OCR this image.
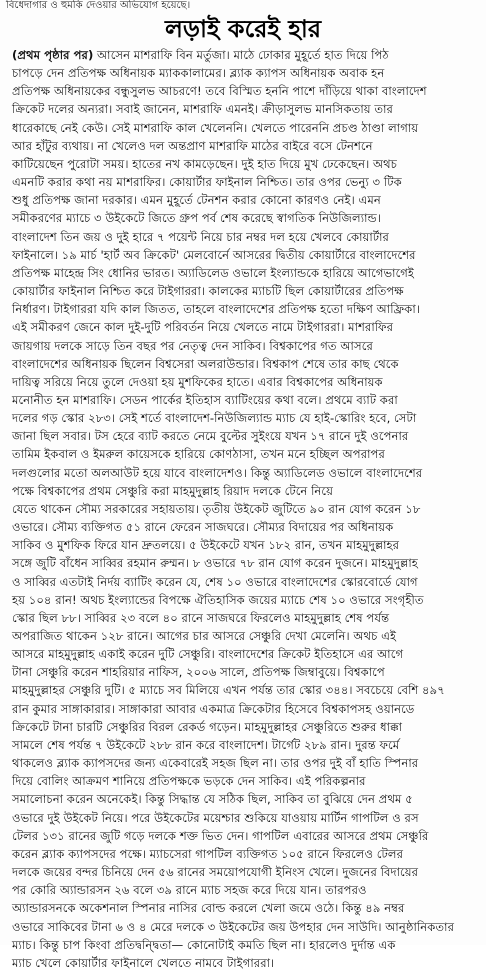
বিধেদাগার ও হুমকি দেওয়ার অভিযোগ হয়েছে।
লড়াই করেই হার
(প্রথম পৃষ্ঠার পর) আসেন মাশরাফি বিন মর্তুজা। মাঠে ঢোকার মুহূর্তে হাত দিয়ে পিঠ
চাপড়ে দেন প্রতিপক্ষ অধিনায়ক ম্যাককালামের। ব্ল্যাক ক্যাপস অধিনায়ক অবাক হন
প্রতিপক্ষ অধিনায়কের বন্ধুসুলভ আচরণে! তবে বিস্মিত হননি পাশে দাঁড়িয়ে থাকা বাংলাদেশ
ক্রিকেট দলের অন্যরা। সবাই জানেন, মাশরাফি এমনই। ক্রীড়াসুলভ মানসিকতায় তার
ধারেকাছে নেই কেউ। সেই মাশরাফি কাল খেলেননি। খেলতে পারেননি প্রচণ্ড ঠাণ্ডা লাগায়
আর হাঁটুর ব্যথায়। না খেলেও দল অন্তপ্রাণ মাশরাফি মাঠের বাইরে বসে টেনশনে
কাটিয়েছেন পুরোটা সময়। হাতের নখ কামড়েছেন। দুই হাত দিয়ে মুখ ঢেকেছেন। অথচ
এমনটি করার কথা নয় মাশরাফির। কোয়ার্টার ফাইনাল নিশ্চিত। তার ওপর ভেন্যু ৩ টিক
শুধু প্রতিপক্ষ জানা দরকার। এমন মুহূর্তে টেনশন করার কোনো কারণও নেই। এমন
সমীকরণের ম্যাচে ৩ উইকেটে জিতে গ্রুপ পর্ব শেষ করেছে স্বাগতিক নিউজিল্যান্ড।
বাংলাদেশ তিন জয় ও দুই হারে ৭ পয়েন্ট নিয়ে চার নম্বর দল হয়ে খেলবে কোয়ার্টার
ফাইনালে। ১৯ মার্চ 'হার্ট অব ক্রিকেট' মেলবোর্নে আসরের দ্বিতীয় কোয়ার্টারে বাংলাদেশের
প্রতিপক্ষ মাহেন্দ্র সিং ধোনির ভারত। অ্যাডিলেড ওভালে ইংল্যান্ডকে হারিয়ে আগেভাগেই
কোয়ার্টার ফাইনাল নিশ্চিত করে টাইগাররা। কালকের ম্যাচটি ছিল কোয়ার্টারের প্রতিপক্ষ
নির্ধারণ। টাইগাররা যদি কাল জিতত, তাহলে বাংলাদেশের প্রতিপক্ষ হতো দক্ষিণ আফ্রিকা।
এই সমীকরণ জেনে কাল দুই-দুটি পরিবর্তন নিয়ে খেলতে নামে টাইগাররা। মাশরাফির
জায়গায় দলকে সাড়ে তিন বছর পর নেতৃত্ব দেন সাকিব। বিশ্বকাপের গত আসরে
বাংলাদেশের অধিনায়ক ছিলেন বিশ্বসেরা অলরাউন্ডার। বিশ্বকাপ শেষে তার কাছ থেকে
দায়িত্ব সরিয়ে নিয়ে তুলে দেওয়া হয় মুশফিকের হাতে। এবার বিশ্বকাপের অধিনায়ক
মনোনীত হন মাশরাফি। সেডন পার্কের ইতিহাস ব্যাটিংয়ের কথা বলে। প্রথমে ব্যাট করা
দলের গড় স্কোর ২৮৩। সেই শর্তে বাংলাদেশ-নিউজিল্যান্ড ম্যাচ যে হাই-স্কোরিং হবে, সেটা
জানা ছিল সবার। টস হেরে ব্যাট করতে নেমে বুল্টের সুইংয়ে যখন ১৭ রানে দুই ওপেনার
তামিম ইকবাল ও ইমরুল কায়েসকে হারিয়ে কোণঠাসা, তখন মনে হচ্ছিল অপরাপর
দলগুলোর মতো অলআউট হয়ে যাবে বাংলাদেশও। কিন্তু অ্যাডিলেড ওভালে বাংলাদেশের
পক্ষে বিশ্বকাপের প্রথম সেঞ্চুরি করা মাহমুদুল্লাহ রিয়াদ দলকে টেনে নিয়ে
যেতে থাকেন সৌম্য সরকারের সহায়তায়। তৃতীয় উইকেট জুটিতে ৯০ রান যোগ করেন ১৮
ওভারে। সৌম্য ব্যক্তিগত ৫১ রানে ফেরেন সাজঘরে। সৌম্যর বিদায়ের পর অধিনায়ক
সাকিব ও মুশফিক ফিরে যান দ্রুতলয়ে। ৫ উইকেটে যখন ১৮২ রান, তখন মাহমুদুল্লাহর
সঙ্গে জুটি বাঁধেন সাব্বির রহমান রুম্মন। ৮ ওভারে ৭৮ রান যোগ করেন দুজনে। মাহমুদুল্লাহ
ও সাব্বির এতটাই নির্দয় ব্যাটিং করেন যে, শেষ ১০ ওভারে বাংলাদেশের স্কোরবোর্ডে যোগ
হয় ১০৪ রান! অথচ ইংল্যান্ডের বিপক্ষে ঐতিহাসিক জয়ের ম্যাচে শেষ ১০ ওভারে সংগৃহীত
স্কোর ছিল ৮৮। সাব্বির ২৩ বলে ৪০ রানে সাজঘরে ফিরলেও মাহমুদুল্লাহ শেষ পর্যন্ত
অপরাজিত থাকেন ১২৮ রানে। আগের চার আসরে সেঞ্চুরি দেখা মেলেনি। অথচ এই
আসরে মাহমুদুল্লাহ একাই করেন দুটি সেঞ্চুরি। বাংলাদেশের ক্রিকেট ইতিহাসে এর আগে
টানা সেঞ্চুরি করেন শাহরিয়ার নাফিস, ২০০৬ সালে, প্রতিপক্ষ জিম্বাবুয়ে। বিশ্বকাপে
মাহমুদুল্লাহর সেঞ্চুরি দুটি। ৫ ম্যাচে সব মিলিয়ে এখন পর্যন্ত তার স্কোর ৩৪৪। সবচেয়ে বেশি ৪৯৭
রান কুমার সাঙ্গাকারার। সাঙ্গাকারা আবার একমাত্র ক্রিকেটার হিসেবে বিশ্বকাপসহ ওয়ানডে
ক্রিকেটে টানা চারটি সেঞ্চুরির বিরল রেকর্ড গড়েন। মাহমুদুল্লাহর সেঞ্চুরিতে শুরুর ধাক্কা
সামলে শেষ পর্যন্ত ৭ উইকেটে ২৮৮ রান করে বাংলাদেশ। টার্গেট ২৮৯ রান। দুরন্ত ফর্মে
থাকলেও ব্ল্যাক ক্যাপসদের জন্য একেবারেই সহজ ছিল না। তার ওপর দুই বাঁ হাতি স্পিনার
দিয়ে বোলিং আক্রমণ শানিয়ে প্রতিপক্ষকে ভড়কে দেন সাকিব। এই পরিকল্পনার
সমালোচনা করেন অনেকেই। কিন্তু সিদ্ধান্ত যে সঠিক ছিল, সাকিব তা বুঝিয়ে দেন প্রথম ৫
ওভারে দুই উইকেট নিয়ে। পরে উইকেটের ময়েশ্চার শুকিয়ে যাওয়ায় মার্টিন গাপটিল ও রস
টেলর ১৩১ রানের জুটি গড়ে দলকে শক্ত ভিত দেন। গাপটিল এবারের আসরে প্রথম সেঞ্চুরি
করেন ব্ল্যাক ক্যাপসদের পক্ষে। ম্যাচসেরা গাপটিল ব্যক্তিগত ১০৫ রানে ফিরলেও টেলর
দলকে জয়ের বন্দর চিনিয়ে দেন ৫৬ রানের সময়োপযোগী ইনিংস খেলে। দুজনের বিদায়ের
পর কোরি অ্যান্ডারসন ২৬ বলে ৩৯ রানে ম্যাচ সহজ করে দিয়ে যান। তারপরও
অ্যান্ডারসনকে অকেশনাল স্পিনার নাসির বোল্ড করলে খেলা জমে ওঠে। কিন্তু ৪৯ নম্বর
ওভারে সাকিবের টানা ৬ ও ৪ মেরে দলকে ৩ উইকেটের জয় উপহার দেন সাউদি। আনুষ্ঠানিকতার
ম্যাচ। কিন্তু চাপ কিংবা প্রতিদ্বন্দ্বিতা— কোনোটাই কমতি ছিল না। হারলেও দুর্দান্ত এক
ম্যাচ খেলে কোয়ার্টার ফাইনালে খেলতে নামবে টাইগাররা।
